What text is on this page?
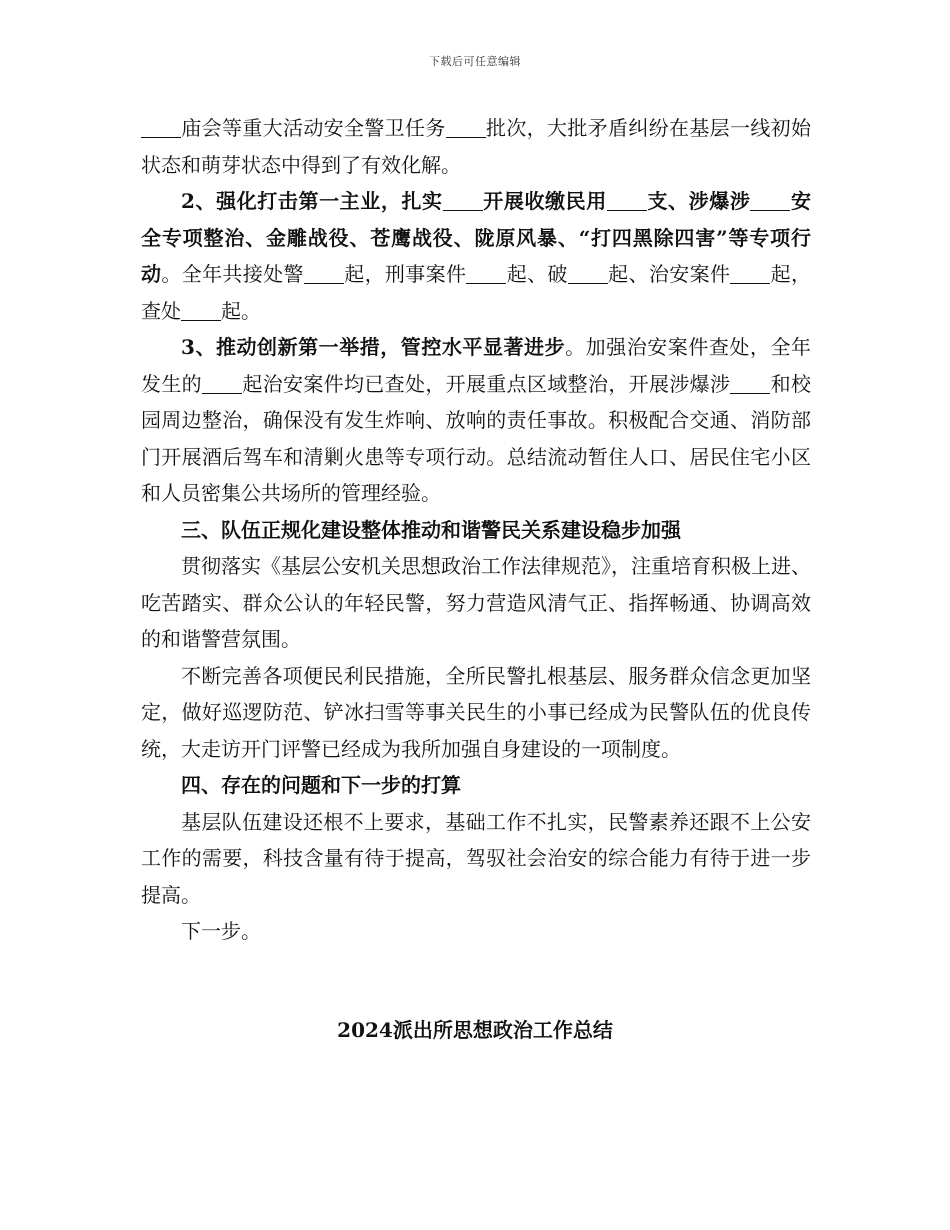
下载后可任意编辑

庙会等重大活动安全警卫任务 批次，大批矛盾纠纷在基层一线初始状态和萌芽状态中得到了有效化解。

2、强化打击第一主业，扎实 开展收缴民用 支、涉爆涉 安全专项整治、金雕战役、苍鹰战役、陇原风暴、“打四黑除四害”等专项行动。全年共接处警 起，刑事案件 起、破 起、治安案件 起，查处 起。

3、推动创新第一举措，管控水平显著进步。加强治安案件查处，全年发生的 起治安案件均已查处，开展重点区域整治，开展涉爆涉 和校园周边整治，确保没有发生炸响、放响的责任事故。积极配合交通、消防部门开展酒后驾车和清剿火患等专项行动。总结流动暂住人口、居民住宅小区和人员密集公共场所的管理经验。

三、队伍正规化建设整体推动和谐警民关系建设稳步加强

贯彻落实《基层公安机关思想政治工作法律规范》，注重培育积极上进、吃苦踏实、群众公认的年轻民警，努力营造风清气正、指挥畅通、协调高效的和谐警营氛围。

不断完善各项便民利民措施，全所民警扎根基层、服务群众信念更加坚定，做好巡逻防范、铲冰扫雪等事关民生的小事已经成为民警队伍的优良传统，大走访开门评警已经成为我所加强自身建设的一项制度。

四、存在的问题和下一步的打算

基层队伍建设还根不上要求，基础工作不扎实，民警素养还跟不上公安工作的需要，科技含量有待于提高，驾驭社会治安的综合能力有待于进一步提高。

下一步。

2024派出所思想政治工作总结
